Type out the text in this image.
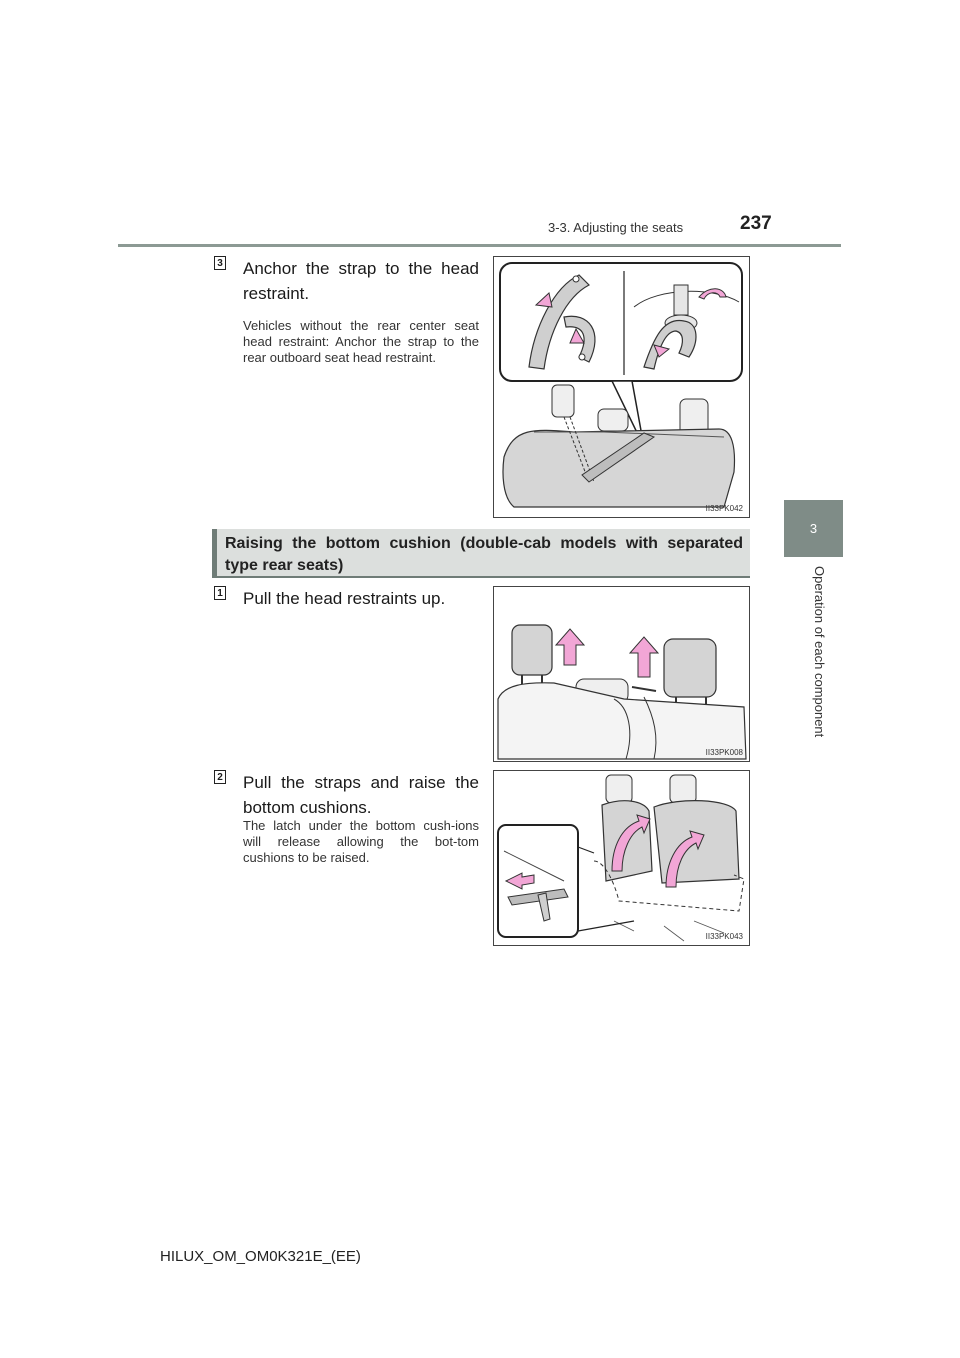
3-3. Adjusting the seats	237
3
Operation of each component
3 Anchor the strap to the head restraint.
Vehicles without the rear center seat head restraint: Anchor the strap to the rear outboard seat head restraint.
II33PK042
Raising the bottom cushion (double-cab models with separated type rear seats)
1 Pull the head restraints up.
II33PK008
2 Pull the straps and raise the bottom cushions.
The latch under the bottom cush-ions will release allowing the bot-tom cushions to be raised.
II33PK043
HILUX_OM_OM0K321E_(EE)
